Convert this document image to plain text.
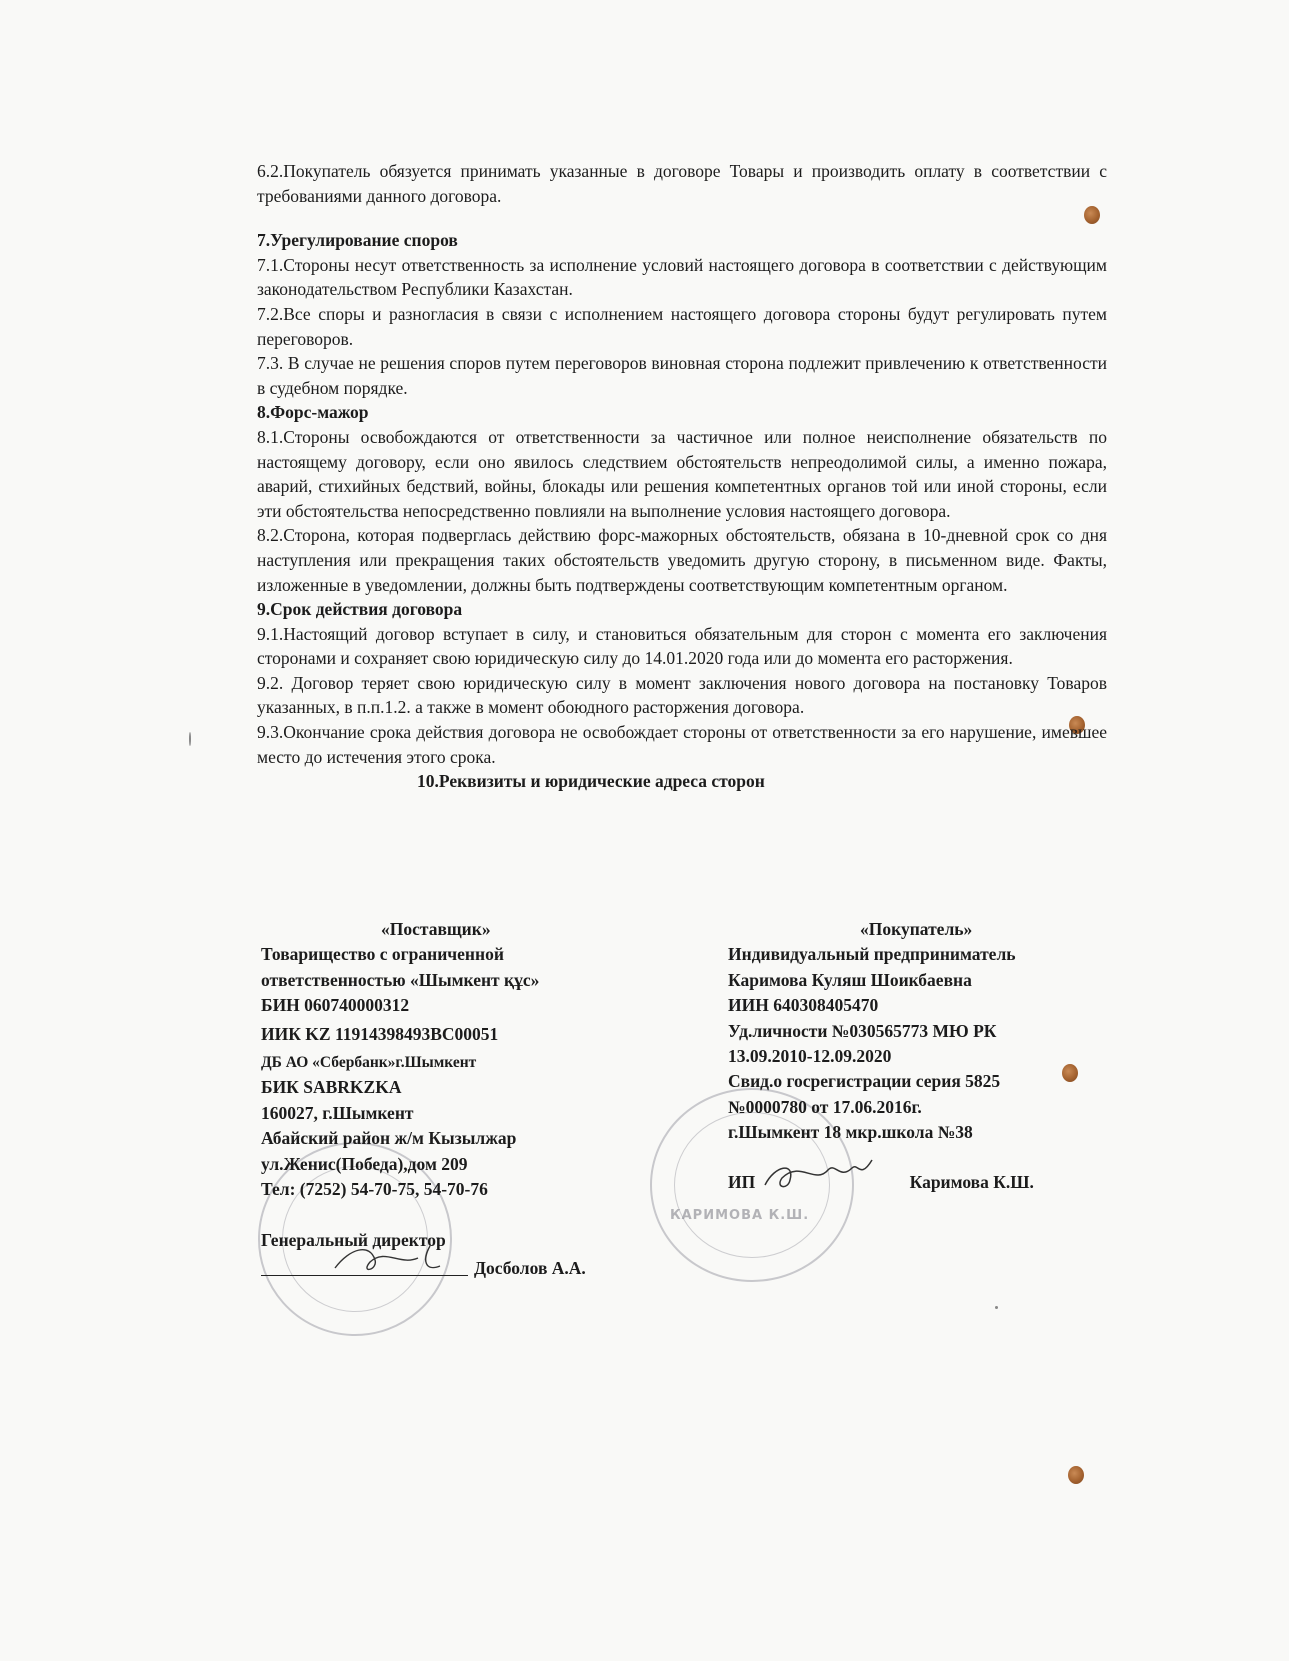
6.2.Покупатель обязуется принимать указанные в договоре Товары и производить оплату в соответствии с требованиями данного договора.

7.Урегулирование споров

7.1.Стороны несут ответственность за исполнение условий настоящего договора в соответствии с действующим законодательством Республики Казахстан.

7.2.Все споры и разногласия в связи с исполнением настоящего договора стороны будут регулировать путем переговоров.

7.3. В случае не решения споров путем переговоров виновная сторона подлежит привлечению к ответственности в судебном порядке.

8.Форс-мажор

8.1.Стороны освобождаются от ответственности за частичное или полное неисполнение обязательств по настоящему договору, если оно явилось следствием обстоятельств непреодолимой силы, а именно пожара, аварий, стихийных бедствий, войны, блокады или решения компетентных органов той или иной стороны, если эти обстоятельства непосредственно повлияли на выполнение условия настоящего договора.

8.2.Сторона, которая подверглась действию форс-мажорных обстоятельств, обязана в 10-дневной срок со дня наступления или прекращения таких обстоятельств уведомить другую сторону, в письменном виде. Факты, изложенные в уведомлении, должны быть подтверждены соответствующим компетентным органом.

9.Срок действия договора

9.1.Настоящий договор вступает в силу, и становиться обязательным для сторон с момента его заключения сторонами и сохраняет свою юридическую силу до 14.01.2020 года или до момента его расторжения.

9.2. Договор теряет свою юридическую силу в момент заключения нового договора на постановку Товаров указанных, в п.п.1.2. а также в момент обоюдного расторжения договора.

9.3.Окончание срока действия договора не освобождает стороны от ответственности за его нарушение, имевшее место до истечения этого срока.

10.Реквизиты и юридические адреса сторон

КАРИМОВА К.Ш.
«Поставщик»
Товарищество с ограниченной
ответственностью «Шымкент құс»
БИН 060740000312
ИИК KZ 11914398493BC00051
ДБ АО «Сбербанк»г.Шымкент
БИК SABRKZKA
160027, г.Шымкент
Абайский район ж/м Кызылжар
ул.Жениc(Победа),дом 209
Тел: (7252) 54-70-75, 54-70-76
Генеральный директор
Досболов А.А.
«Покупатель»
Индивидуальный предприниматель
Каримова Куляш Шоикбаевна
ИИН 640308405470
Уд.личности №030565773 МЮ РК
13.09.2010-12.09.2020
Свид.о госрегистрации серия 5825
№0000780 от 17.06.2016г.
г.Шымкент 18 мкр.школа №38
ИП	Каримова К.Ш.
